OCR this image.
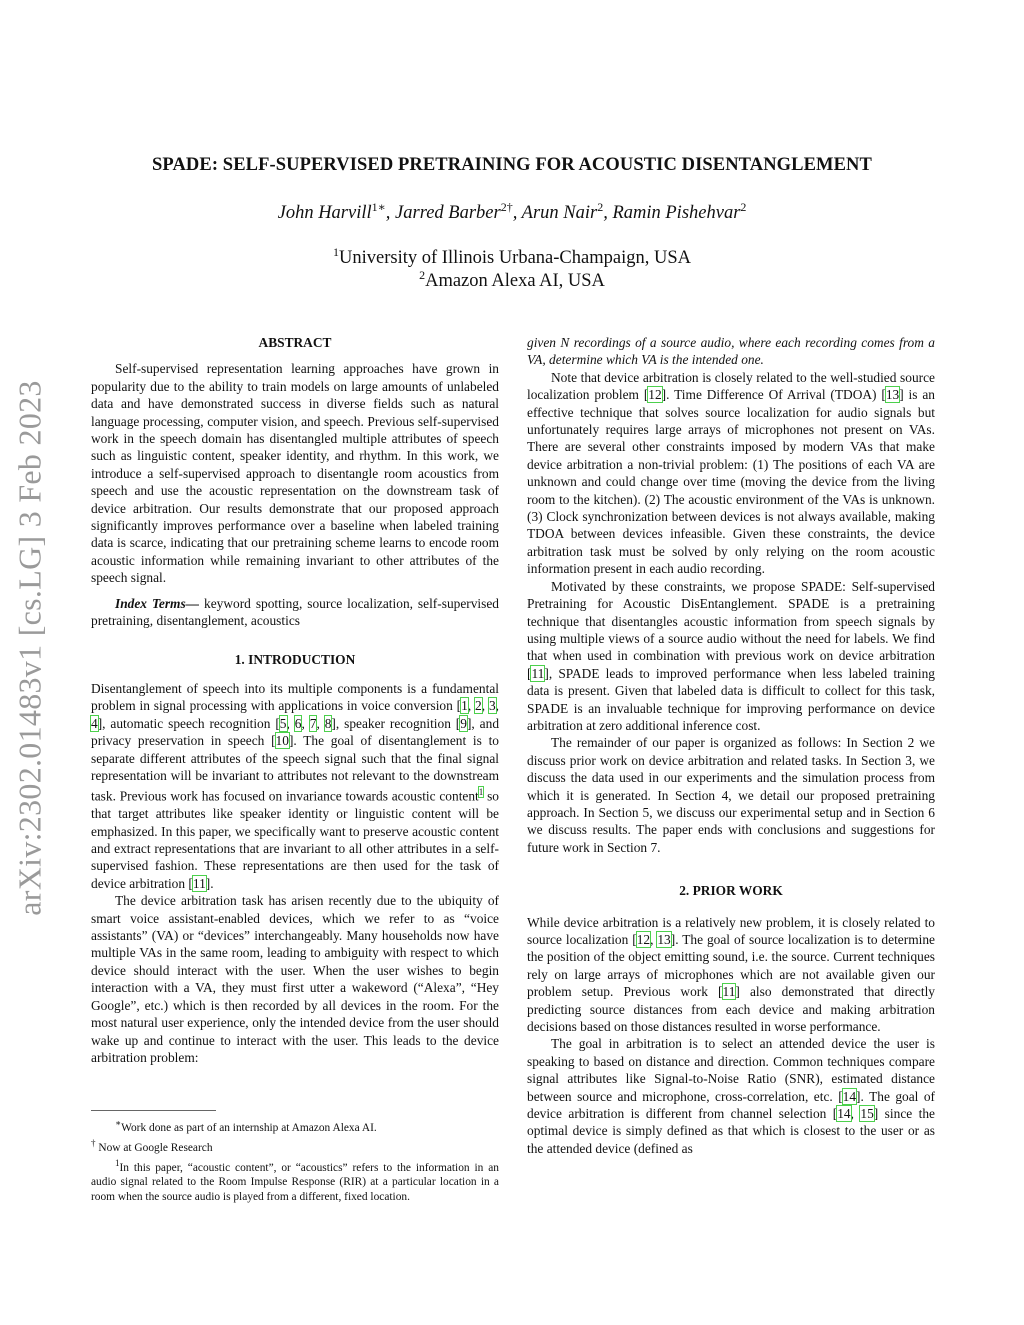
arXiv:2302.01483v1 [cs.LG] 3 Feb 2023
SPADE: SELF-SUPERVISED PRETRAINING FOR ACOUSTIC DISENTANGLEMENT
John Harvill$^{1∗}$, Jarred Barber$^{2\dagger}$, Arun Nair$^2$, Ramin Pishehvar$^2$
$^1$University of Illinois Urbana-Champaign, USA
$^2$Amazon Alexa AI, USA

ABSTRACT

Self-supervised representation learning approaches have grown in popularity due to the ability to train models on large amounts of unlabeled data and have demonstrated success in diverse fields such as natural language processing, computer vision, and speech. Previous self-supervised work in the speech domain has disentangled multiple attributes of speech such as linguistic content, speaker identity, and rhythm. In this work, we introduce a self-supervised approach to disentangle room acoustics from speech and use the acoustic representation on the downstream task of device arbitration. Our results demonstrate that our proposed approach significantly improves performance over a baseline when labeled training data is scarce, indicating that our pretraining scheme learns to encode room acoustic information while remaining invariant to other attributes of the speech signal.

Index Terms— keyword spotting, source localization, self-supervised pretraining, disentanglement, acoustics

1. INTRODUCTION

Disentanglement of speech into its multiple components is a fundamental problem in signal processing with applications in voice conversion [1, 2, 3, 4], automatic speech recognition [5, 6, 7, 8], speaker recognition [9], and privacy preservation in speech [10]. The goal of disentanglement is to separate different attributes of the speech signal such that the final signal representation will be invariant to attributes not relevant to the downstream task. Previous work has focused on invariance towards acoustic content$^1$ so that target attributes like speaker identity or linguistic content will be emphasized. In this paper, we specifically want to preserve acoustic content and extract representations that are invariant to all other attributes in a self-supervised fashion. These representations are then used for the task of device arbitration [11].

The device arbitration task has arisen recently due to the ubiquity of smart voice assistant-enabled devices, which we refer to as “voice assistants” (VA) or “devices” interchangeably. Many households now have multiple VAs in the same room, leading to ambiguity with respect to which device should interact with the user. When the user wishes to begin interaction with a VA, they must first utter a wakeword (“Alexa”, “Hey Google”, etc.) which is then recorded by all devices in the room. For the most natural user experience, only the intended device from the user should wake up and continue to interact with the user. This leads to the device arbitration problem:

∗Work done as part of an internship at Amazon Alexa AI.

† Now at Google Research

$^1$In this paper, “acoustic content”, or “acoustics” refers to the information in an audio signal related to the Room Impulse Response (RIR) at a particular location in a room when the source audio is played from a different, fixed location.

given N recordings of a source audio, where each recording comes from a VA, determine which VA is the intended one.

Note that device arbitration is closely related to the well-studied source localization problem [12]. Time Difference Of Arrival (TDOA) [13] is an effective technique that solves source localization for audio signals but unfortunately requires large arrays of microphones not present on VAs. There are several other constraints imposed by modern VAs that make device arbitration a non-trivial problem: (1) The positions of each VA are unknown and could change over time (moving the device from the living room to the kitchen). (2) The acoustic environment of the VAs is unknown. (3) Clock synchronization between devices is not always available, making TDOA between devices infeasible. Given these constraints, the device arbitration task must be solved by only relying on the room acoustic information present in each audio recording.

Motivated by these constraints, we propose SPADE: Self-supervised Pretraining for Acoustic DisEntanglement. SPADE is a pretraining technique that disentangles acoustic information from speech signals by using multiple views of a source audio without the need for labels. We find that when used in combination with previous work on device arbitration [11], SPADE leads to improved performance when less labeled training data is present. Given that labeled data is difficult to collect for this task, SPADE is an invaluable technique for improving performance on device arbitration at zero additional inference cost.

The remainder of our paper is organized as follows: In Section 2 we discuss prior work on device arbitration and related tasks. In Section 3, we discuss the data used in our experiments and the simulation process from which it is generated. In Section 4, we detail our proposed pretraining approach. In Section 5, we discuss our experimental setup and in Section 6 we discuss results. The paper ends with conclusions and suggestions for future work in Section 7.

2. PRIOR WORK

While device arbitration is a relatively new problem, it is closely related to source localization [12, 13]. The goal of source localization is to determine the position of the object emitting sound, i.e. the source. Current techniques rely on large arrays of microphones which are not available given our problem setup. Previous work [11] also demonstrated that directly predicting source distances from each device and making arbitration decisions based on those distances resulted in worse performance.

The goal in arbitration is to select an attended device the user is speaking to based on distance and direction. Common techniques compare signal attributes like Signal-to-Noise Ratio (SNR), estimated distance between source and microphone, cross-correlation, etc. [14]. The goal of device arbitration is different from channel selection [14, 15] since the optimal device is simply defined as that which is closest to the user or as the attended device (defined as
